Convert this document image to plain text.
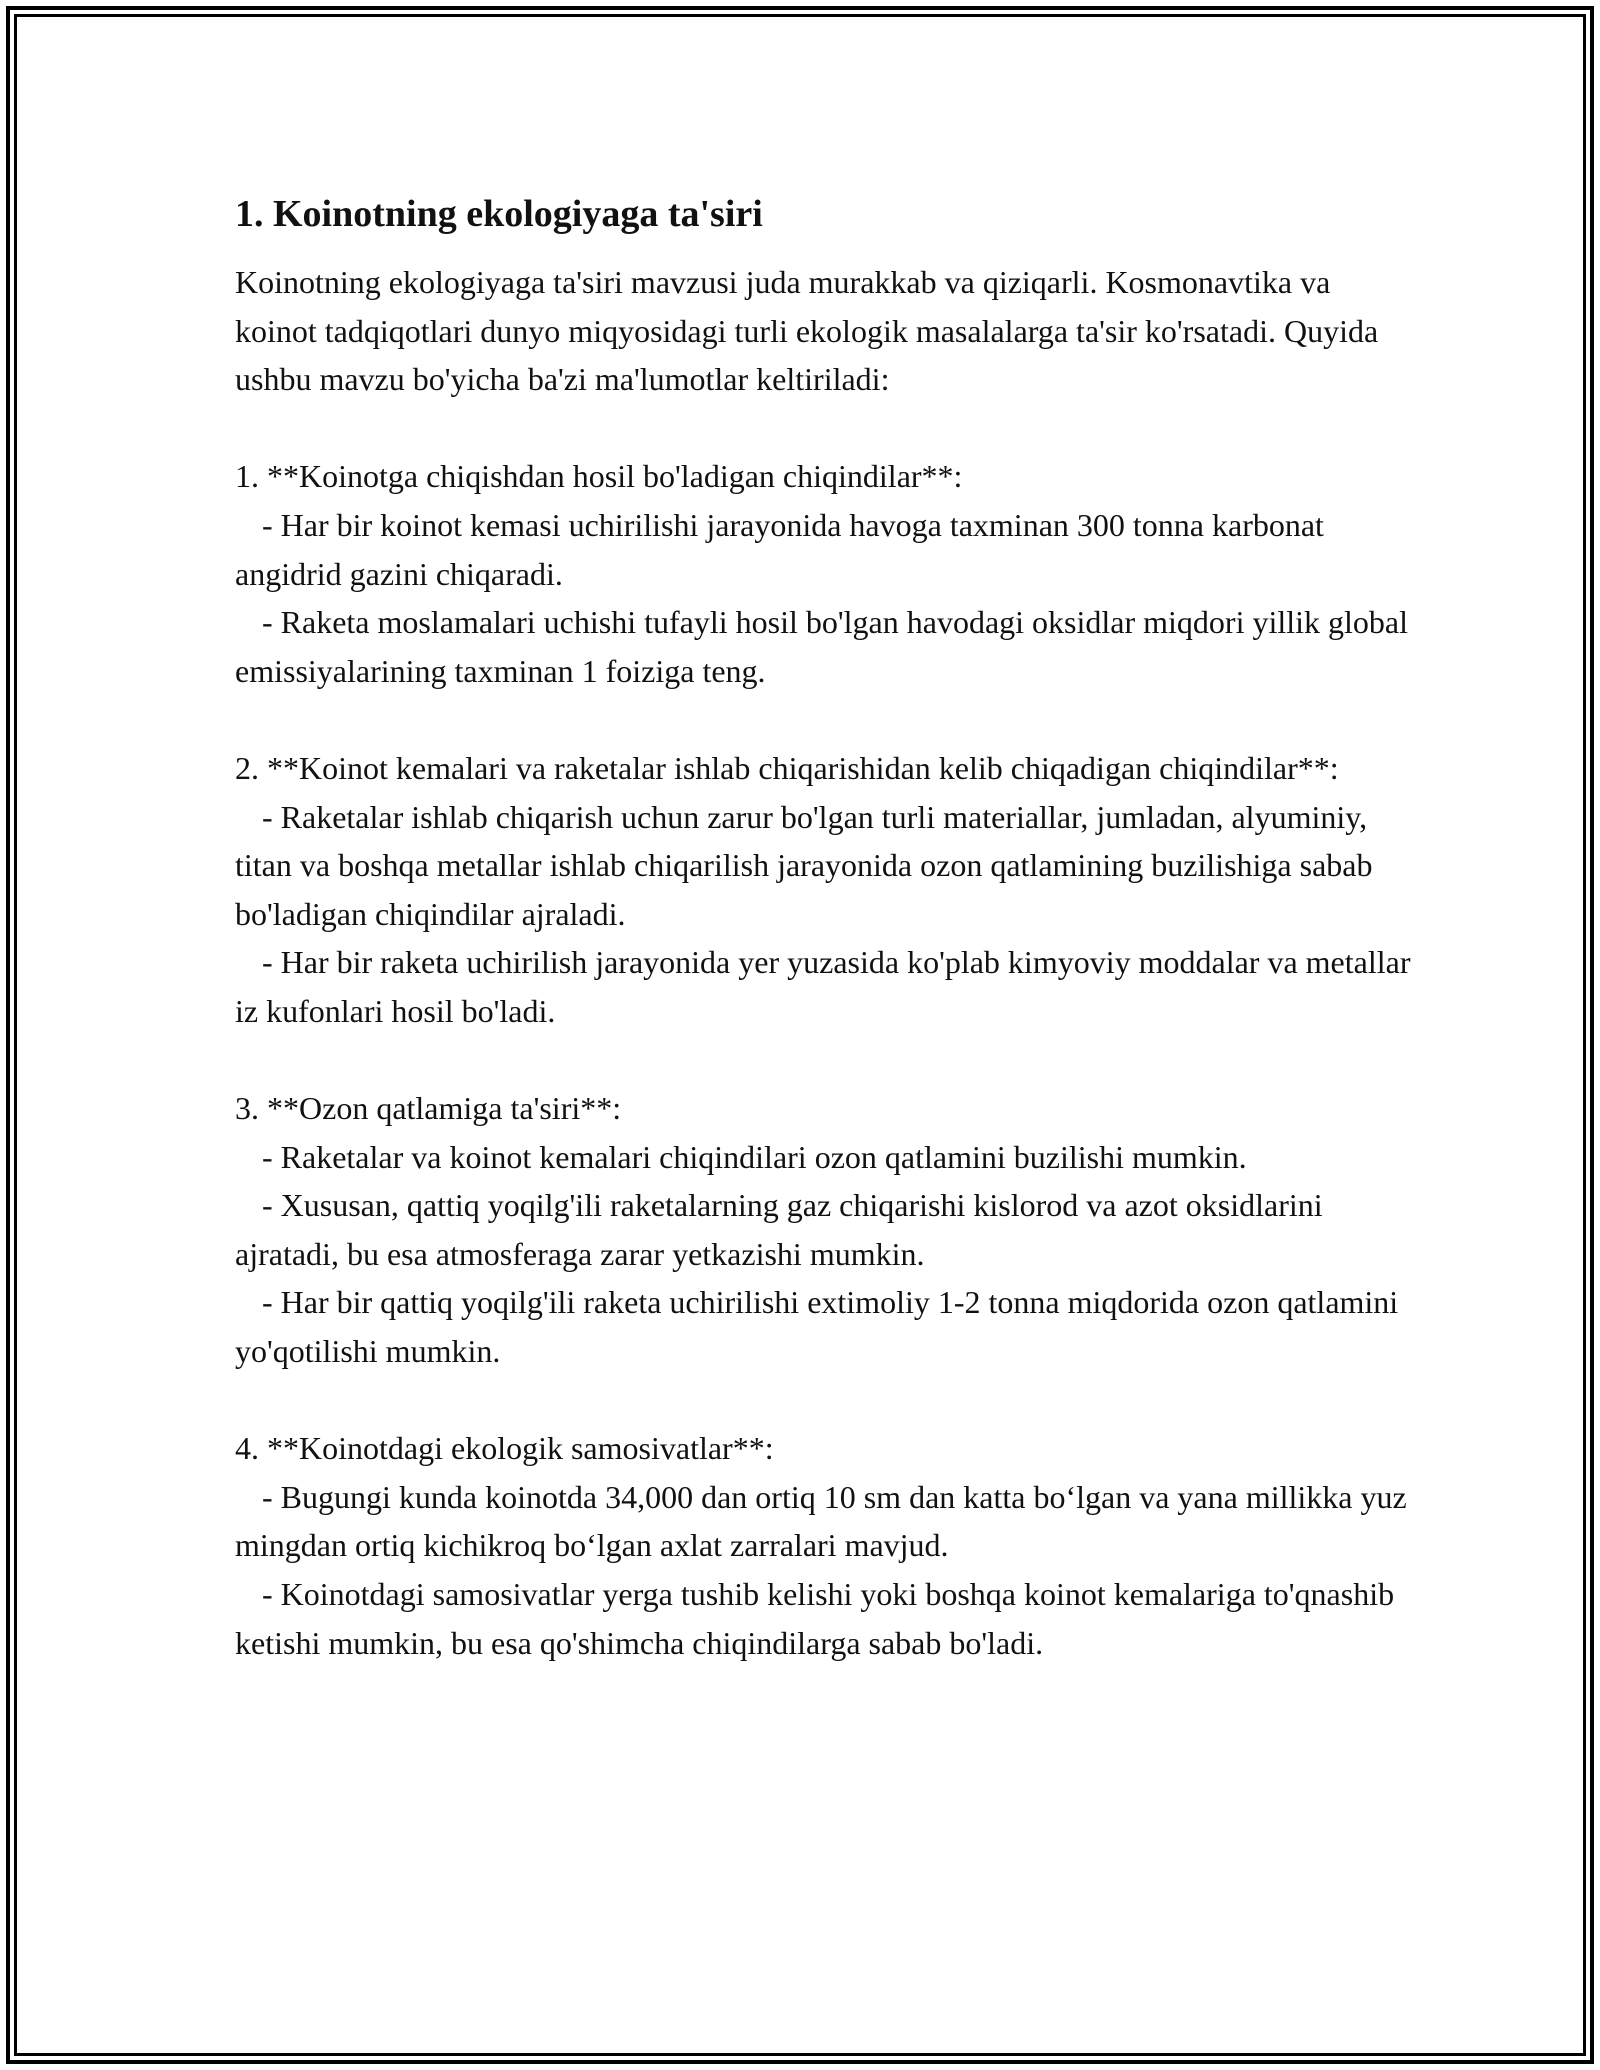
1. Koinotning ekologiyaga ta'siri
Koinotning ekologiyaga ta'siri mavzusi juda murakkab va qiziqarli. Kosmonavtika va koinot tadqiqotlari dunyo miqyosidagi turli ekologik masalalarga ta'sir ko'rsatadi. Quyida ushbu mavzu bo'yicha ba'zi ma'lumotlar keltiriladi:
1. **Koinotga chiqishdan hosil bo'ladigan chiqindilar**:
- Har bir koinot kemasi uchirilishi jarayonida havoga taxminan 300 tonna karbonat angidrid gazini chiqaradi.
- Raketa moslamalari uchishi tufayli hosil bo'lgan havodagi oksidlar miqdori yillik global emissiyalarining taxminan 1 foiziga teng.
2. **Koinot kemalari va raketalar ishlab chiqarishidan kelib chiqadigan chiqindilar**:
- Raketalar ishlab chiqarish uchun zarur bo'lgan turli materiallar, jumladan, alyuminiy, titan va boshqa metallar ishlab chiqarilish jarayonida ozon qatlamining buzilishiga sabab bo'ladigan chiqindilar ajraladi.
- Har bir raketa uchirilish jarayonida yer yuzasida ko'plab kimyoviy moddalar va metallar iz kufonlari hosil bo'ladi.
3. **Ozon qatlamiga ta'siri**:
- Raketalar va koinot kemalari chiqindilari ozon qatlamini buzilishi mumkin.
- Xususan, qattiq yoqilg'ili raketalarning gaz chiqarishi kislorod va azot oksidlarini ajratadi, bu esa atmosferaga zarar yetkazishi mumkin.
- Har bir qattiq yoqilg'ili raketa uchirilishi extimoliy 1-2 tonna miqdorida ozon qatlamini yo'qotilishi mumkin.
4. **Koinotdagi ekologik samosivatlar**:
- Bugungi kunda koinotda 34,000 dan ortiq 10 sm dan katta bo‘lgan va yana millikka yuz mingdan ortiq kichikroq bo‘lgan axlat zarralari mavjud.
- Koinotdagi samosivatlar yerga tushib kelishi yoki boshqa koinot kemalariga to'qnashib ketishi mumkin, bu esa qo'shimcha chiqindilarga sabab bo'ladi.
